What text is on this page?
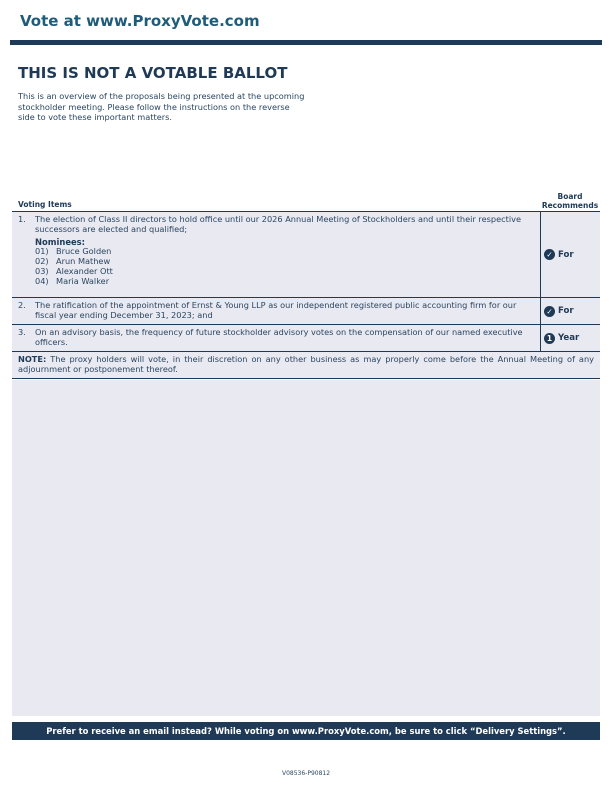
Vote at www.ProxyVote.com
THIS IS NOT A VOTABLE BALLOT
This is an overview of the proposals being presented at the upcoming stockholder meeting. Please follow the instructions on the reverse side to vote these important matters.
Voting Items
Board
Recommends
1.	The election of Class II directors to hold office until our 2026 Annual Meeting of Stockholders and until their respective successors are elected and qualified;
Nominees:
01) Bruce Golden
02) Arun Mathew
03) Alexander Ott
04) Maria Walker
✓ For
2.	The ratification of the appointment of Ernst & Young LLP as our independent registered public accounting firm for our fiscal year ending December 31, 2023; and	✓ For
3.	On an advisory basis, the frequency of future stockholder advisory votes on the compensation of our named executive officers.	1 Year
NOTE: The proxy holders will vote, in their discretion on any other business as may properly come before the Annual Meeting of any adjournment or postponement thereof.
Prefer to receive an email instead? While voting on www.ProxyVote.com, be sure to click “Delivery Settings”.
V08536-P90812
